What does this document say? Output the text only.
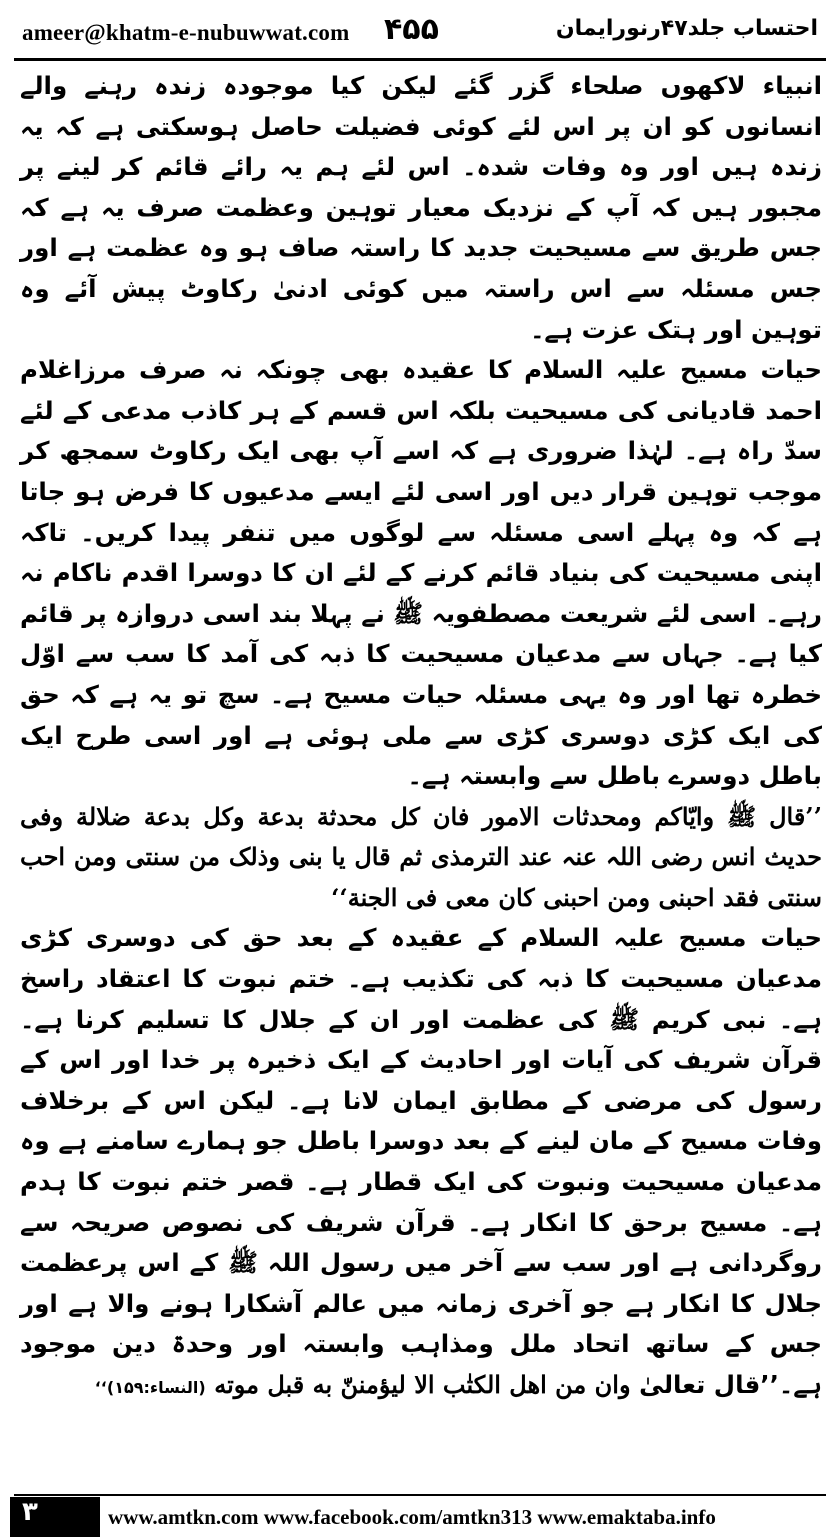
ameer@khatm-e-nubuwwat.com ۴۵۵	احتساب جلد۴۷رنورایمان

انبیاء لاکھوں صلحاء گزر گئے لیکن کیا موجودہ زندہ رہنے والے انسانوں کو ان پر اس لئے کوئی فضیلت حاصل ہوسکتی ہے کہ یہ زندہ ہیں اور وہ وفات شدہ۔ اس لئے ہم یہ رائے قائم کر لینے پر مجبور ہیں کہ آپ کے نزدیک معیار توہین وعظمت صرف یہ ہے کہ جس طریق سے مسیحیت جدید کا راستہ صاف ہو وہ عظمت ہے اور جس مسئلہ سے اس راستہ میں کوئی ادنیٰ رکاوٹ پیش آئے وہ توہین اور ہتک عزت ہے۔

حیات مسیح علیہ السلام کا عقیدہ بھی چونکہ نہ صرف مرزاغلام احمد قادیانی کی مسیحیت بلکہ اس قسم کے ہر کاذب مدعی کے لئے سدّ راہ ہے۔ لہٰذا ضروری ہے کہ اسے آپ بھی ایک رکاوٹ سمجھ کر موجب توہین قرار دیں اور اسی لئے ایسے مدعیوں کا فرض ہو جاتا ہے کہ وہ پہلے اسی مسئلہ سے لوگوں میں تنفر پیدا کریں۔ تاکہ اپنی مسیحیت کی بنیاد قائم کرنے کے لئے ان کا دوسرا اقدم ناکام نہ رہے۔ اسی لئے شریعت مصطفویہ ﷺ نے پہلا بند اسی دروازہ پر قائم کیا ہے۔ جہاں سے مدعیان مسیحیت کا ذبہ کی آمد کا سب سے اوّل خطرہ تھا اور وہ یہی مسئلہ حیات مسیح ہے۔ سچ تو یہ ہے کہ حق کی ایک کڑی دوسری کڑی سے ملی ہوئی ہے اور اسی طرح ایک باطل دوسرے باطل سے وابستہ ہے۔

’’قال ﷺ وایّاکم ومحدثات الامور فان کل محدثة بدعة وکل بدعة ضلالة وفی حدیث انس رضی اللہ عنہ عند الترمذی ثم قال یا بنی وذلک من سنتی ومن احب سنتی فقد احبنی ومن احبنی کان معی فی الجنة‘‘

حیات مسیح علیہ السلام کے عقیدہ کے بعد حق کی دوسری کڑی مدعیان مسیحیت کا ذبہ کی تکذیب ہے۔ ختم نبوت کا اعتقاد راسخ ہے۔ نبی کریم ﷺ کی عظمت اور ان کے جلال کا تسلیم کرنا ہے۔ قرآن شریف کی آیات اور احادیث کے ایک ذخیرہ پر خدا اور اس کے رسول کی مرضی کے مطابق ایمان لانا ہے۔ لیکن اس کے برخلاف وفات مسیح کے مان لینے کے بعد دوسرا باطل جو ہمارے سامنے ہے وہ مدعیان مسیحیت ونبوت کی ایک قطار ہے۔ قصر ختم نبوت کا ہدم ہے۔ مسیح برحق کا انکار ہے۔ قرآن شریف کی نصوص صریحہ سے روگردانی ہے اور سب سے آخر میں رسول اللہ ﷺ کے اس پرعظمت جلال کا انکار ہے جو آخری زمانہ میں عالم آشکارا ہونے والا ہے اور جس کے ساتھ اتحاد ملل ومذاہب وابستہ اور وحدۃ دین موجود ہے۔’’قال تعالیٰ وان من اهل الکتٰب الا لیؤمننّ به قبل موته (النساء:۱۵۹)‘‘

۳	www.amtkn.com www.facebook.com/amtkn313 www.emaktaba.info
